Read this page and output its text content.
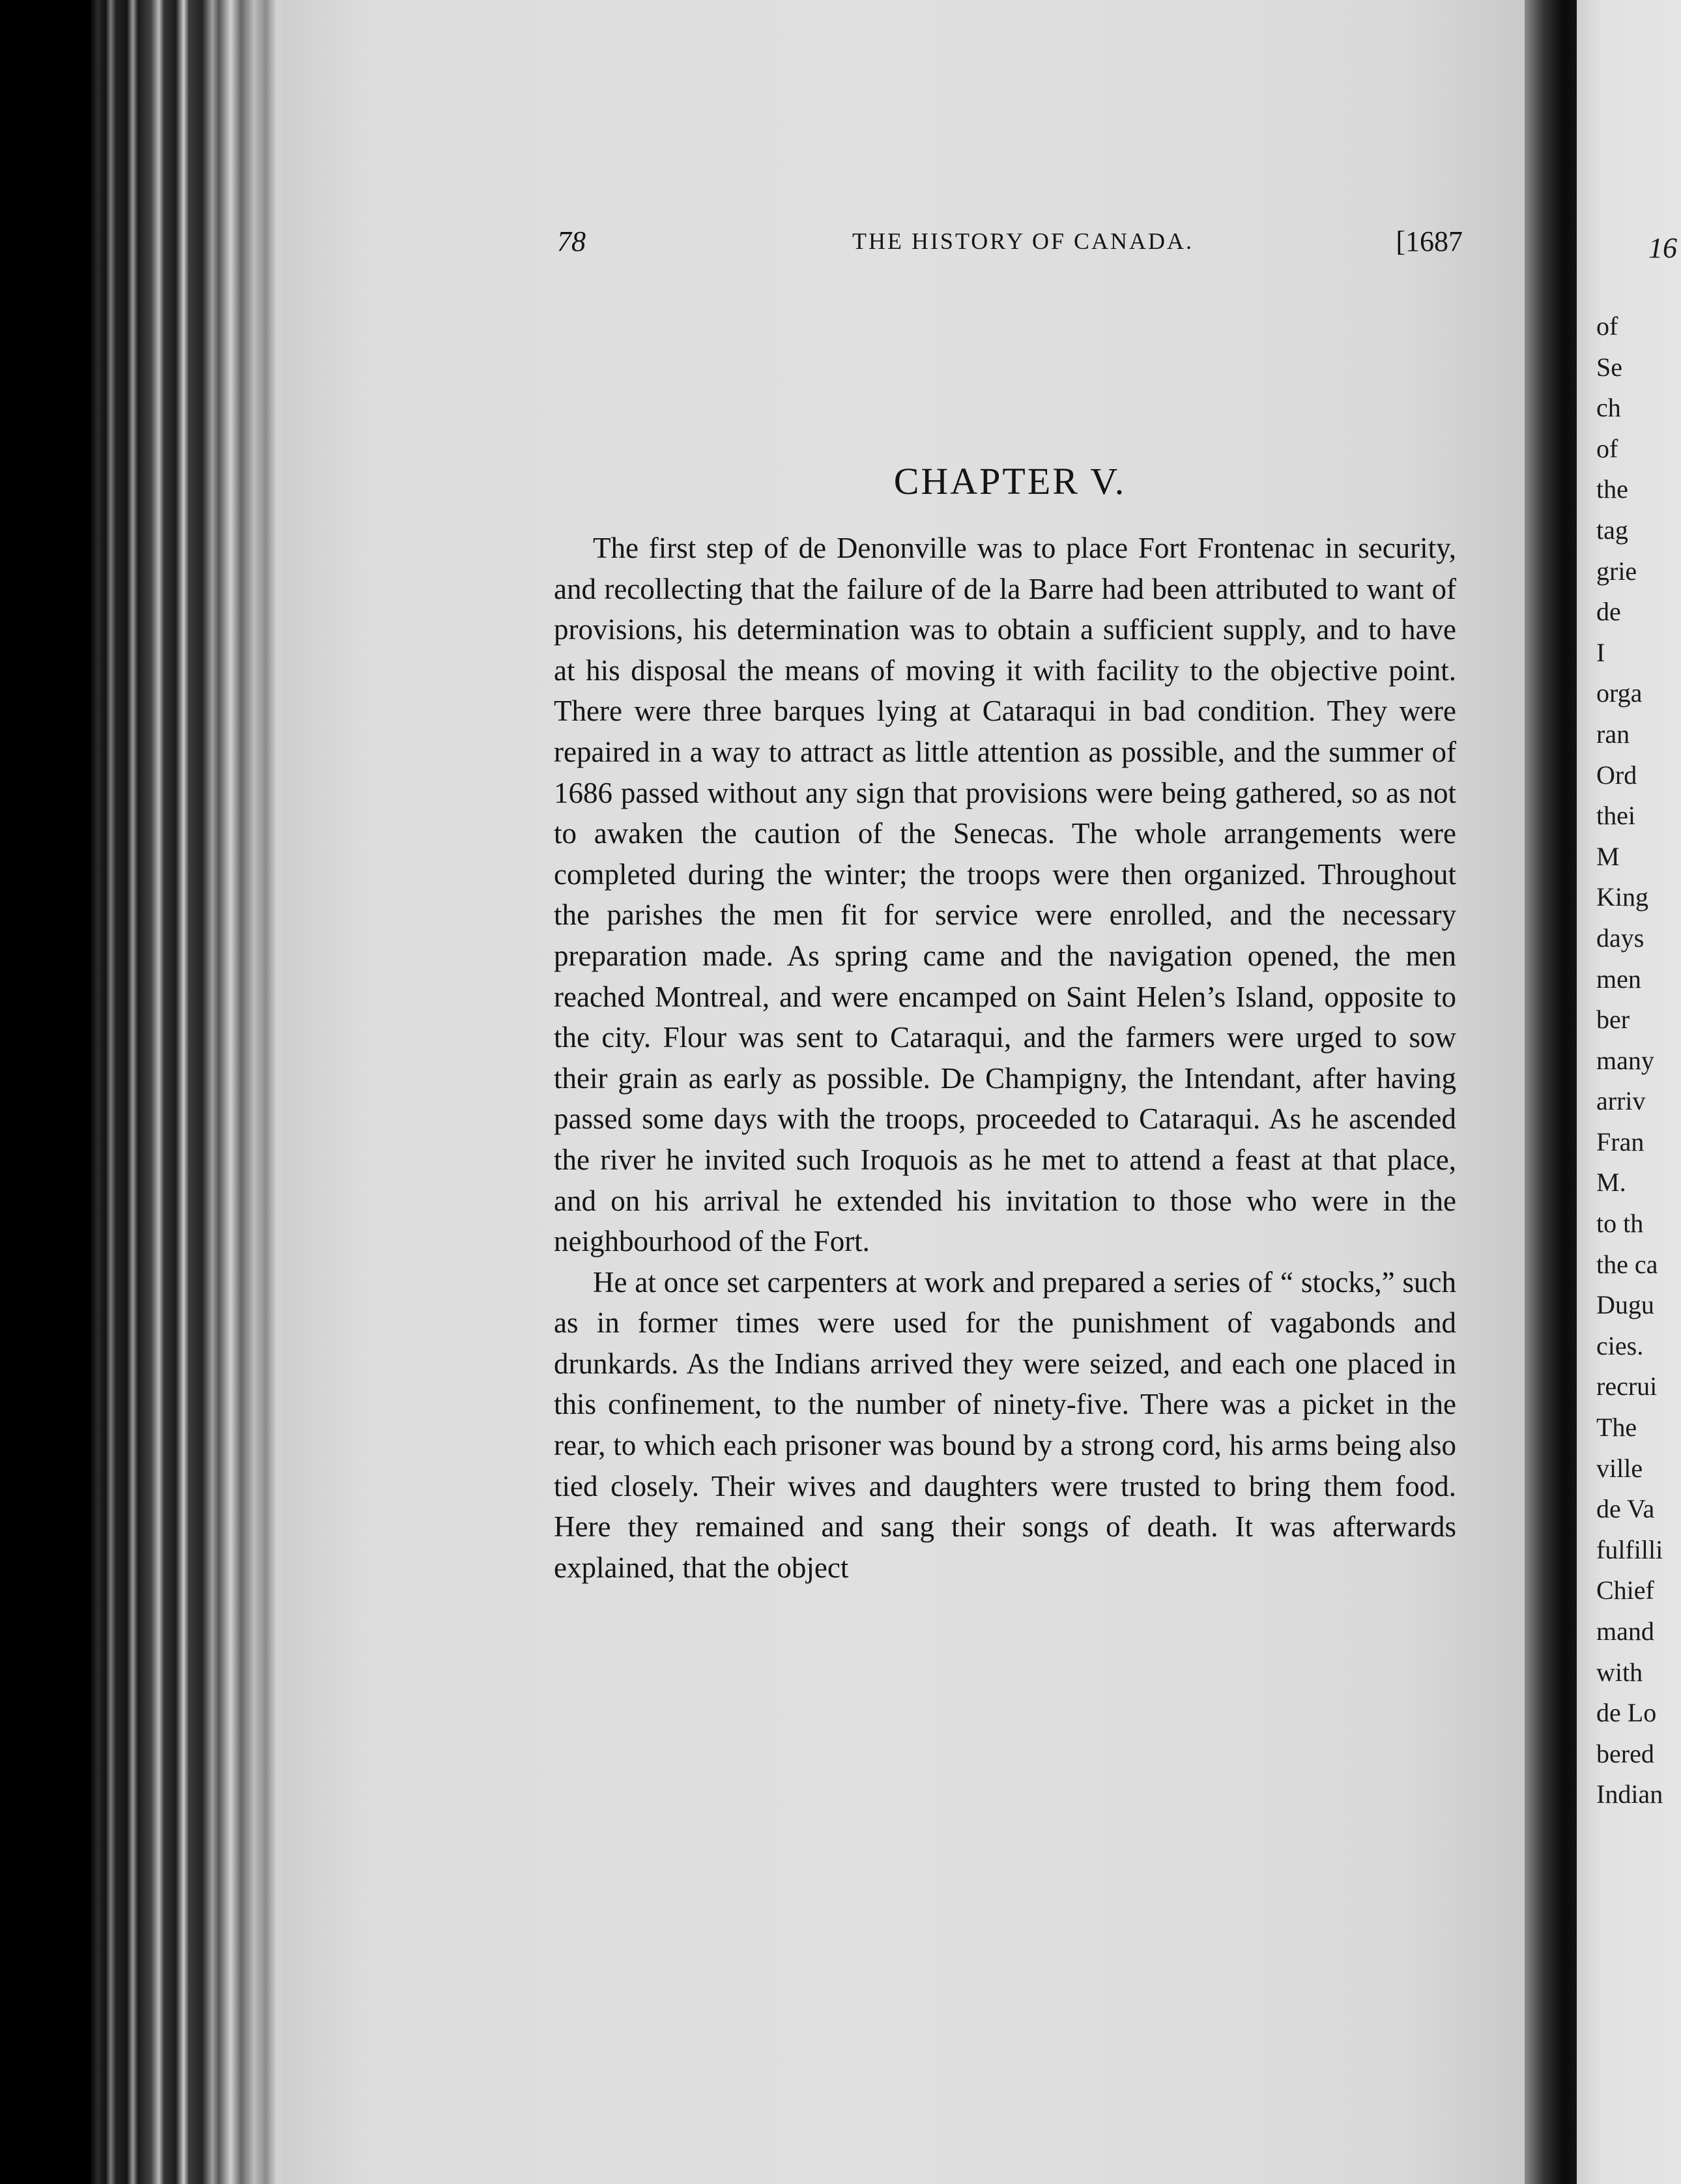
78	THE HISTORY OF CANADA.	[1687
CHAPTER V.

The first step of de Denonville was to place Fort Frontenac in security, and recollecting that the failure of de la Barre had been attributed to want of provisions, his determination was to obtain a sufficient supply, and to have at his disposal the means of moving it with facility to the objective point. There were three barques lying at Cataraqui in bad condition. They were repaired in a way to attract as little attention as possible, and the summer of 1686 passed without any sign that provisions were being gathered, so as not to awaken the caution of the Senecas. The whole arrangements were completed during the winter; the troops were then organized. Throughout the parishes the men fit for service were enrolled, and the necessary preparation made. As spring came and the navigation opened, the men reached Montreal, and were encamped on Saint Helen’s Island, opposite to the city. Flour was sent to Cataraqui, and the farmers were urged to sow their grain as early as possible. De Champigny, the Intendant, after having passed some days with the troops, proceeded to Cataraqui. As he ascended the river he invited such Iroquois as he met to attend a feast at that place, and on his arrival he extended his invitation to those who were in the neighbourhood of the Fort.

He at once set carpenters at work and prepared a series of “ stocks,” such as in former times were used for the punishment of vagabonds and drunkards. As the Indians arrived they were seized, and each one placed in this confinement, to the number of ninety-five. There was a picket in the rear, to which each prisoner was bound by a strong cord, his arms being also tied closely. Their wives and daughters were trusted to bring them food. Here they remained and sang their songs of death. It was afterwards explained, that the object

16
of
Se
ch
of
the
tag
grie
de
I
orga
ran
Ord
thei
M
King
days
men
ber
many
arriv
Fran
M.
to th
the ca
Dugu
cies.
recrui
The
ville
de Va
fulfilli
Chief
mand
with
de Lo
bered
Indian
